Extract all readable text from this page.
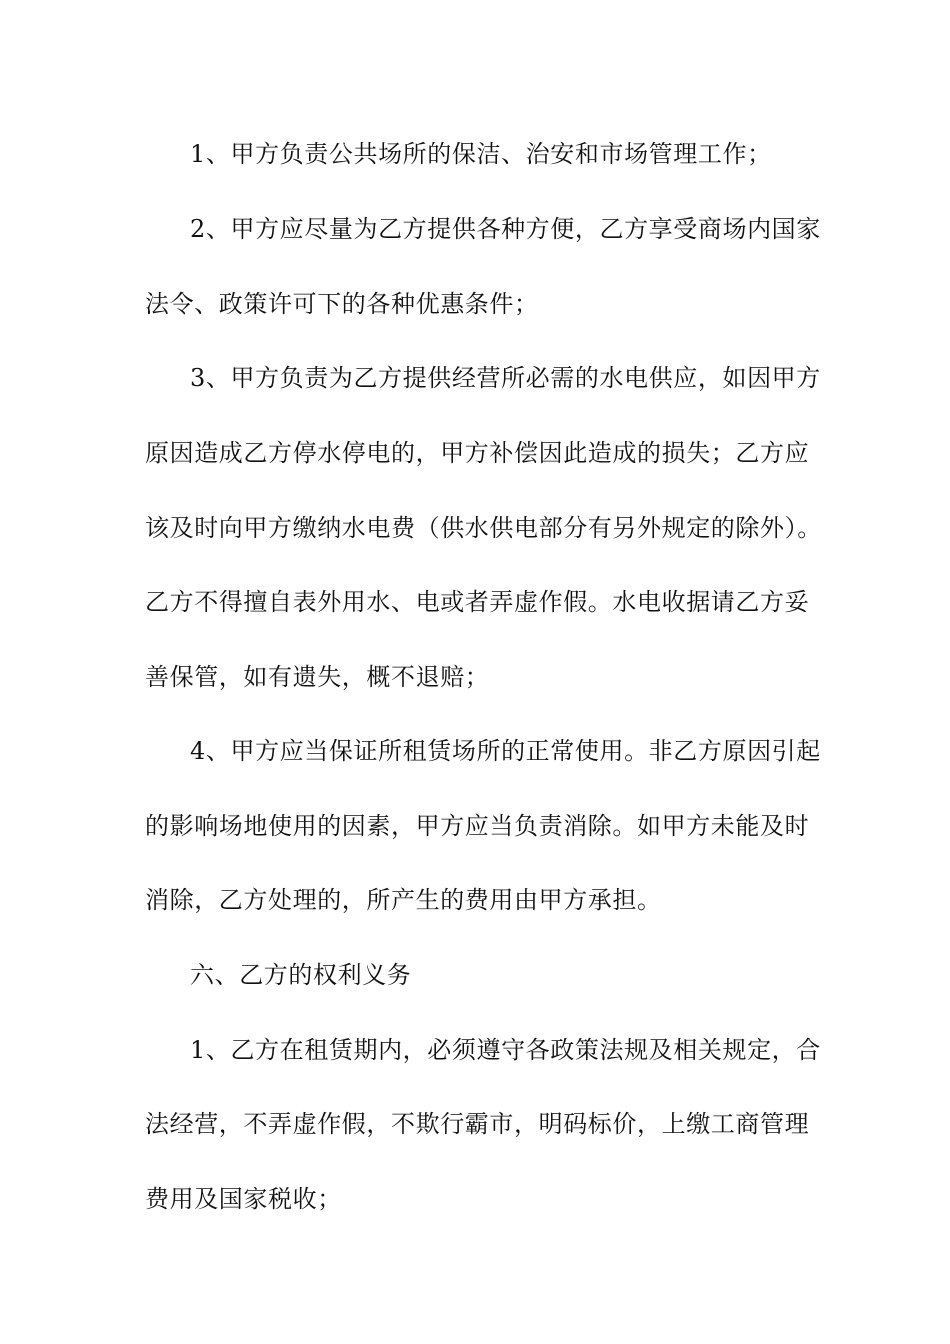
1、甲方负责公共场所的保洁、治安和市场管理工作；
2、甲方应尽量为乙方提供各种方便，乙方享受商场内国家
法令、政策许可下的各种优惠条件；
3、甲方负责为乙方提供经营所必需的水电供应，如因甲方
原因造成乙方停水停电的，甲方补偿因此造成的损失；乙方应
该及时向甲方缴纳水电费（供水供电部分有另外规定的除外）。
乙方不得擅自表外用水、电或者弄虚作假。水电收据请乙方妥
善保管，如有遗失，概不退赔；
4、甲方应当保证所租赁场所的正常使用。非乙方原因引起
的影响场地使用的因素，甲方应当负责消除。如甲方未能及时
消除，乙方处理的，所产生的费用由甲方承担。
六、乙方的权利义务
1、乙方在租赁期内，必须遵守各政策法规及相关规定，合
法经营，不弄虚作假，不欺行霸市，明码标价，上缴工商管理
费用及国家税收；
